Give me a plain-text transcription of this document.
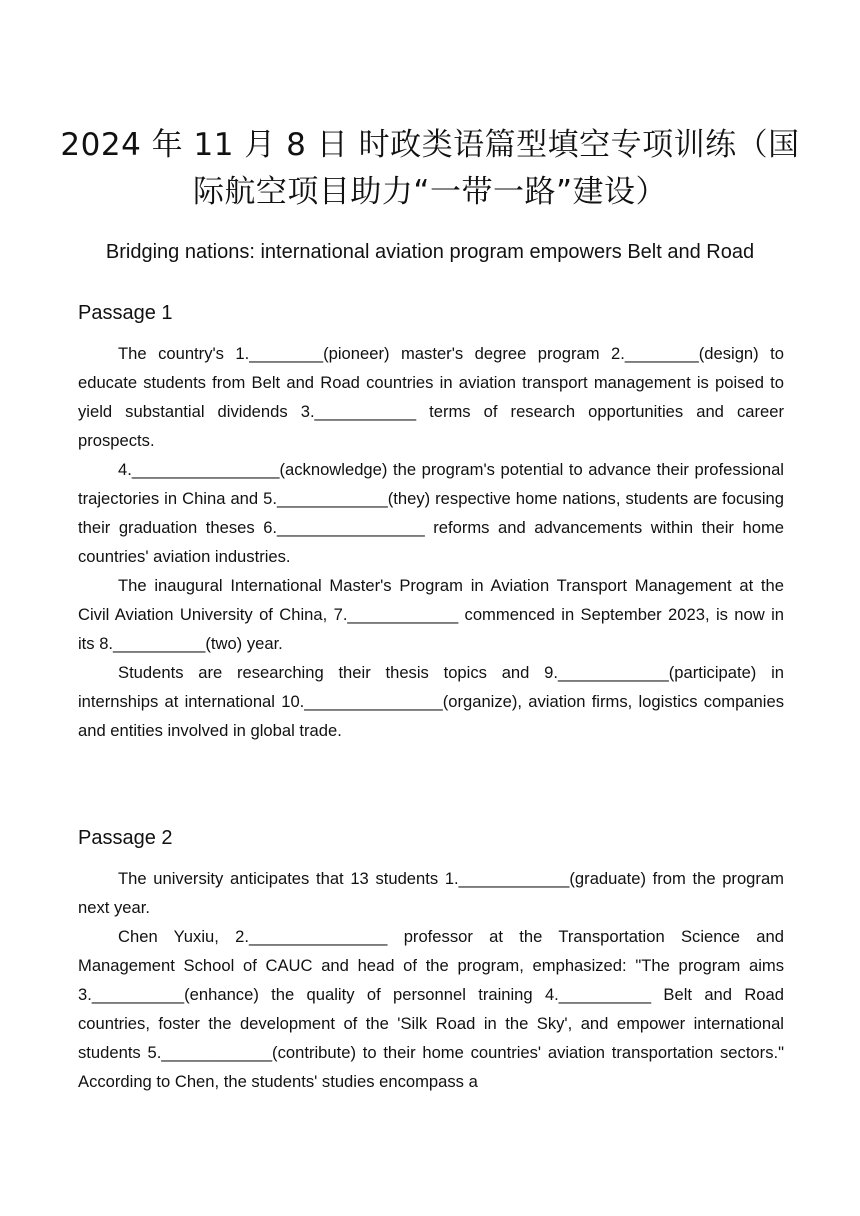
2024 年 11 月 8 日 时政类语篇型填空专项训练（国际航空项目助力“一带一路”建设）
Bridging nations: international aviation program empowers Belt and Road
Passage 1

The country's 1.________(pioneer) master's degree program 2.________(design) to educate students from Belt and Road countries in aviation transport management is poised to yield substantial dividends 3.___________ terms of research opportunities and career prospects.

4.________________(acknowledge) the program's potential to advance their professional trajectories in China and 5.____________(they) respective home nations, students are focusing their graduation theses 6.________________ reforms and advancements within their home countries' aviation industries.

The inaugural International Master's Program in Aviation Transport Management at the Civil Aviation University of China, 7.____________ commenced in September 2023, is now in its 8.__________(two) year.

Students are researching their thesis topics and 9.____________(participate) in internships at international 10._______________(organize), aviation firms, logistics companies and entities involved in global trade.

Passage 2

The university anticipates that 13 students 1.____________(graduate) from the program next year.

Chen Yuxiu, 2._______________ professor at the Transportation Science and Management School of CAUC and head of the program, emphasized: "The program aims 3.__________(enhance) the quality of personnel training 4.__________ Belt and Road countries, foster the development of the 'Silk Road in the Sky', and empower international students 5.____________(contribute) to their home countries' aviation transportation sectors." According to Chen, the students' studies encompass a
